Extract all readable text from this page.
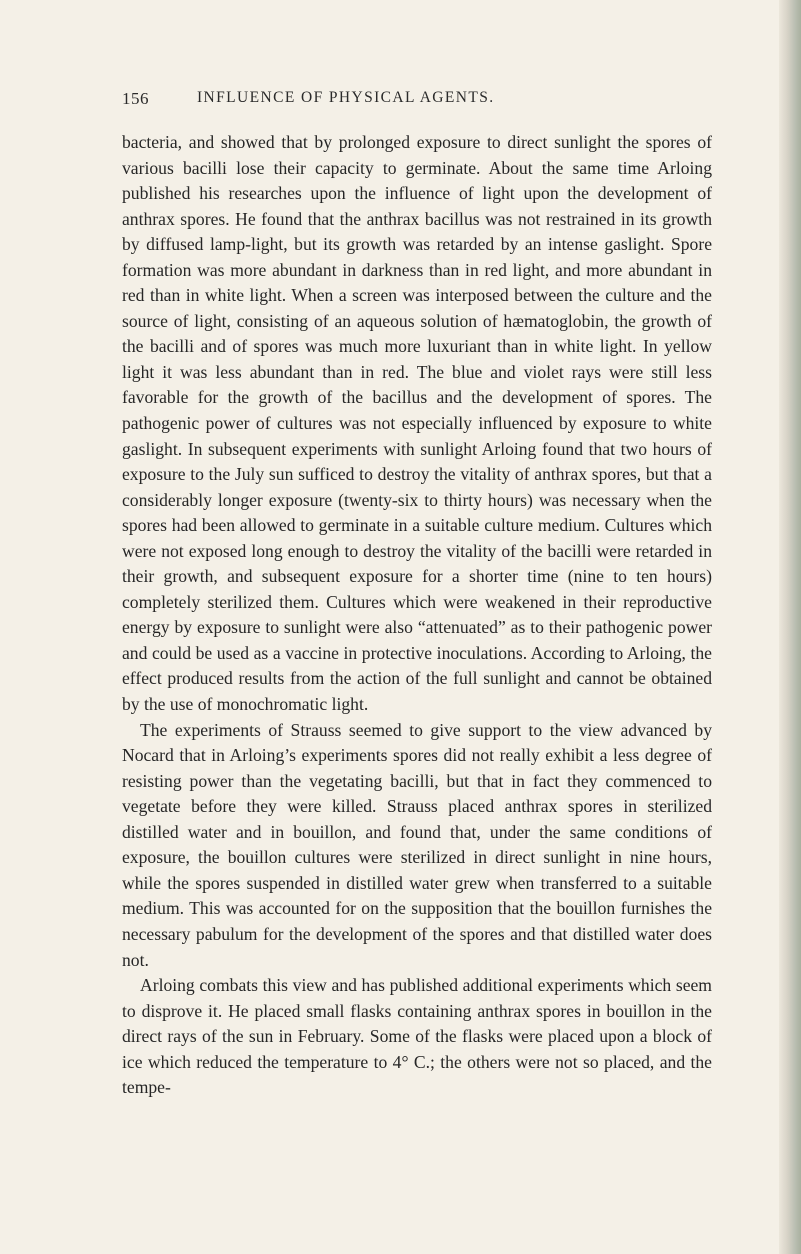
156	INFLUENCE OF PHYSICAL AGENTS.

bacteria, and showed that by prolonged exposure to direct sunlight the spores of various bacilli lose their capacity to germinate. About the same time Arloing published his researches upon the influence of light upon the development of anthrax spores. He found that the anthrax bacillus was not restrained in its growth by diffused lamp-light, but its growth was retarded by an intense gaslight. Spore formation was more abundant in darkness than in red light, and more abundant in red than in white light. When a screen was interposed between the culture and the source of light, consisting of an aqueous solution of hæmatoglobin, the growth of the bacilli and of spores was much more luxuriant than in white light. In yellow light it was less abundant than in red. The blue and violet rays were still less favorable for the growth of the bacillus and the development of spores. The pathogenic power of cultures was not especially influenced by exposure to white gaslight. In subsequent experiments with sunlight Arloing found that two hours of exposure to the July sun sufficed to destroy the vitality of anthrax spores, but that a considerably longer exposure (twenty-six to thirty hours) was necessary when the spores had been allowed to germinate in a suitable culture medium. Cultures which were not exposed long enough to destroy the vitality of the bacilli were retarded in their growth, and subsequent exposure for a shorter time (nine to ten hours) completely sterilized them. Cultures which were weakened in their reproductive energy by exposure to sunlight were also “attenuated” as to their pathogenic power and could be used as a vaccine in protective inoculations. According to Arloing, the effect produced results from the action of the full sunlight and cannot be obtained by the use of monochromatic light.

The experiments of Strauss seemed to give support to the view advanced by Nocard that in Arloing’s experiments spores did not really exhibit a less degree of resisting power than the vegetating bacilli, but that in fact they commenced to vegetate before they were killed. Strauss placed anthrax spores in sterilized distilled water and in bouillon, and found that, under the same conditions of exposure, the bouillon cultures were sterilized in direct sunlight in nine hours, while the spores suspended in distilled water grew when transferred to a suitable medium. This was accounted for on the supposition that the bouillon furnishes the necessary pabulum for the development of the spores and that distilled water does not.

Arloing combats this view and has published additional experiments which seem to disprove it. He placed small flasks containing anthrax spores in bouillon in the direct rays of the sun in February. Some of the flasks were placed upon a block of ice which reduced the temperature to 4° C.; the others were not so placed, and the tempe-
